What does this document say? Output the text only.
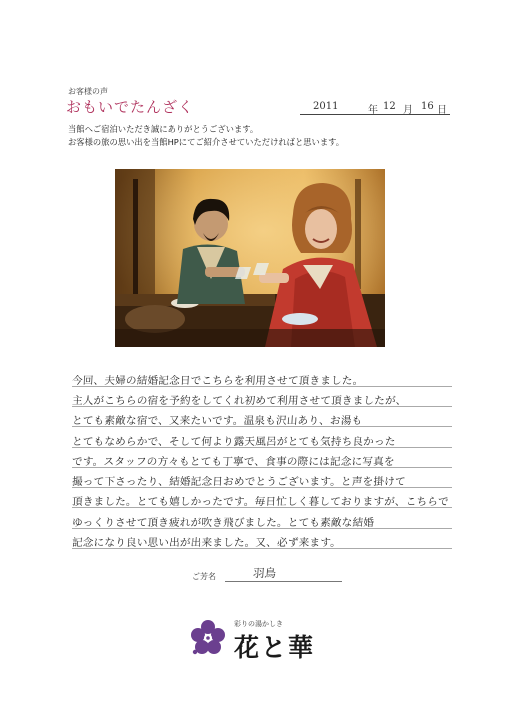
お客様の声
おもいでたんざく	2011	年 12 月 16 日
当館へご宿泊いただき誠にありがとうございます。
お客様の旅の思い出を当館HPにてご紹介させていただければと思います。
今回、夫婦の結婚記念日でこちらを利用させて頂きました。
主人がこちらの宿を予約をしてくれ初めて利用させて頂きましたが、
とても素敵な宿で、又来たいです。温泉も沢山あり、お湯も
とてもなめらかで、そして何より露天風呂がとても気持ち良かった
です。スタッフの方々もとても丁寧で、食事の際には記念に写真を
撮って下さったり、結婚記念日おめでとうございます。と声を掛けて
頂きました。とても嬉しかったです。毎日忙しく暮しておりますが、こちらで
ゆっくりさせて頂き疲れが吹き飛びました。とても素敵な結婚
記念になり良い思い出が出来ました。又、必ず来ます。
ご芳名	羽鳥
彩りの湯かしき
花と華
